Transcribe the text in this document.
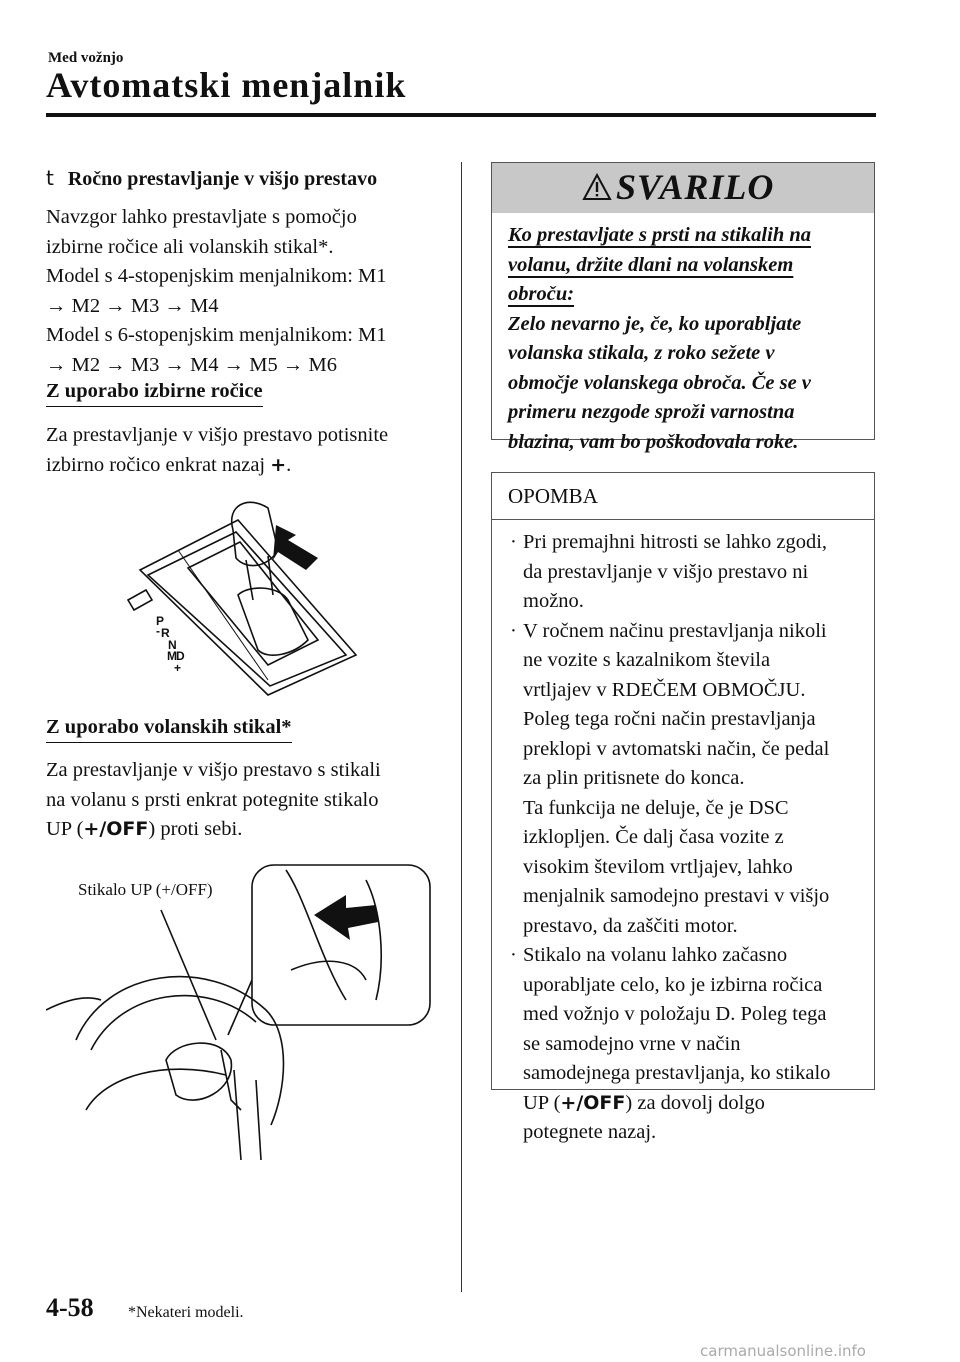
Med vožnjo
Avtomatski menjalnik
t Ročno prestavljanje v višjo prestavo
Navzgor lahko prestavljate s pomočjo
izbirne ročice ali volanskih stikal*.
Model s 4-stopenjskim menjalnikom: M1
→ M2 → M3 → M4
Model s 6-stopenjskim menjalnikom: M1
→ M2 → M3 → M4 → M5 → M6
Z uporabo izbirne ročice
Za prestavljanje v višjo prestavo potisnite
izbirno ročico enkrat nazaj +.
P
R
-
N
D
M
+
Z uporabo volanskih stikal*
Za prestavljanje v višjo prestavo s stikali
na volanu s prsti enkrat potegnite stikalo
UP (+/OFF) proti sebi.
Stikalo UP (+/OFF)
SVARILO
Ko prestavljate s prsti na stikalih na
volanu, držite dlani na volanskem
obroču:
Zelo nevarno je, če, ko uporabljate
volanska stikala, z roko sežete v
območje volanskega obroča. Če se v
primeru nezgode sproži varnostna
blazina, vam bo poškodovala roke.
OPOMBA
· Pri premajhni hitrosti se lahko zgodi,
da prestavljanje v višjo prestavo ni
možno.
· V ročnem načinu prestavljanja nikoli
ne vozite s kazalnikom števila
vrtljajev v RDEČEM OBMOČJU.
Poleg tega ročni način prestavljanja
preklopi v avtomatski način, če pedal
za plin pritisnete do konca.
Ta funkcija ne deluje, če je DSC
izklopljen. Če dalj časa vozite z
visokim številom vrtljajev, lahko
menjalnik samodejno prestavi v višjo
prestavo, da zaščiti motor.
· Stikalo na volanu lahko začasno
uporabljate celo, ko je izbirna ročica
med vožnjo v položaju D. Poleg tega
se samodejno vrne v način
samodejnega prestavljanja, ko stikalo
UP (+/OFF) za dovolj dolgo
potegnete nazaj.
4-58 *Nekateri modeli.
carmanualsonline.info
